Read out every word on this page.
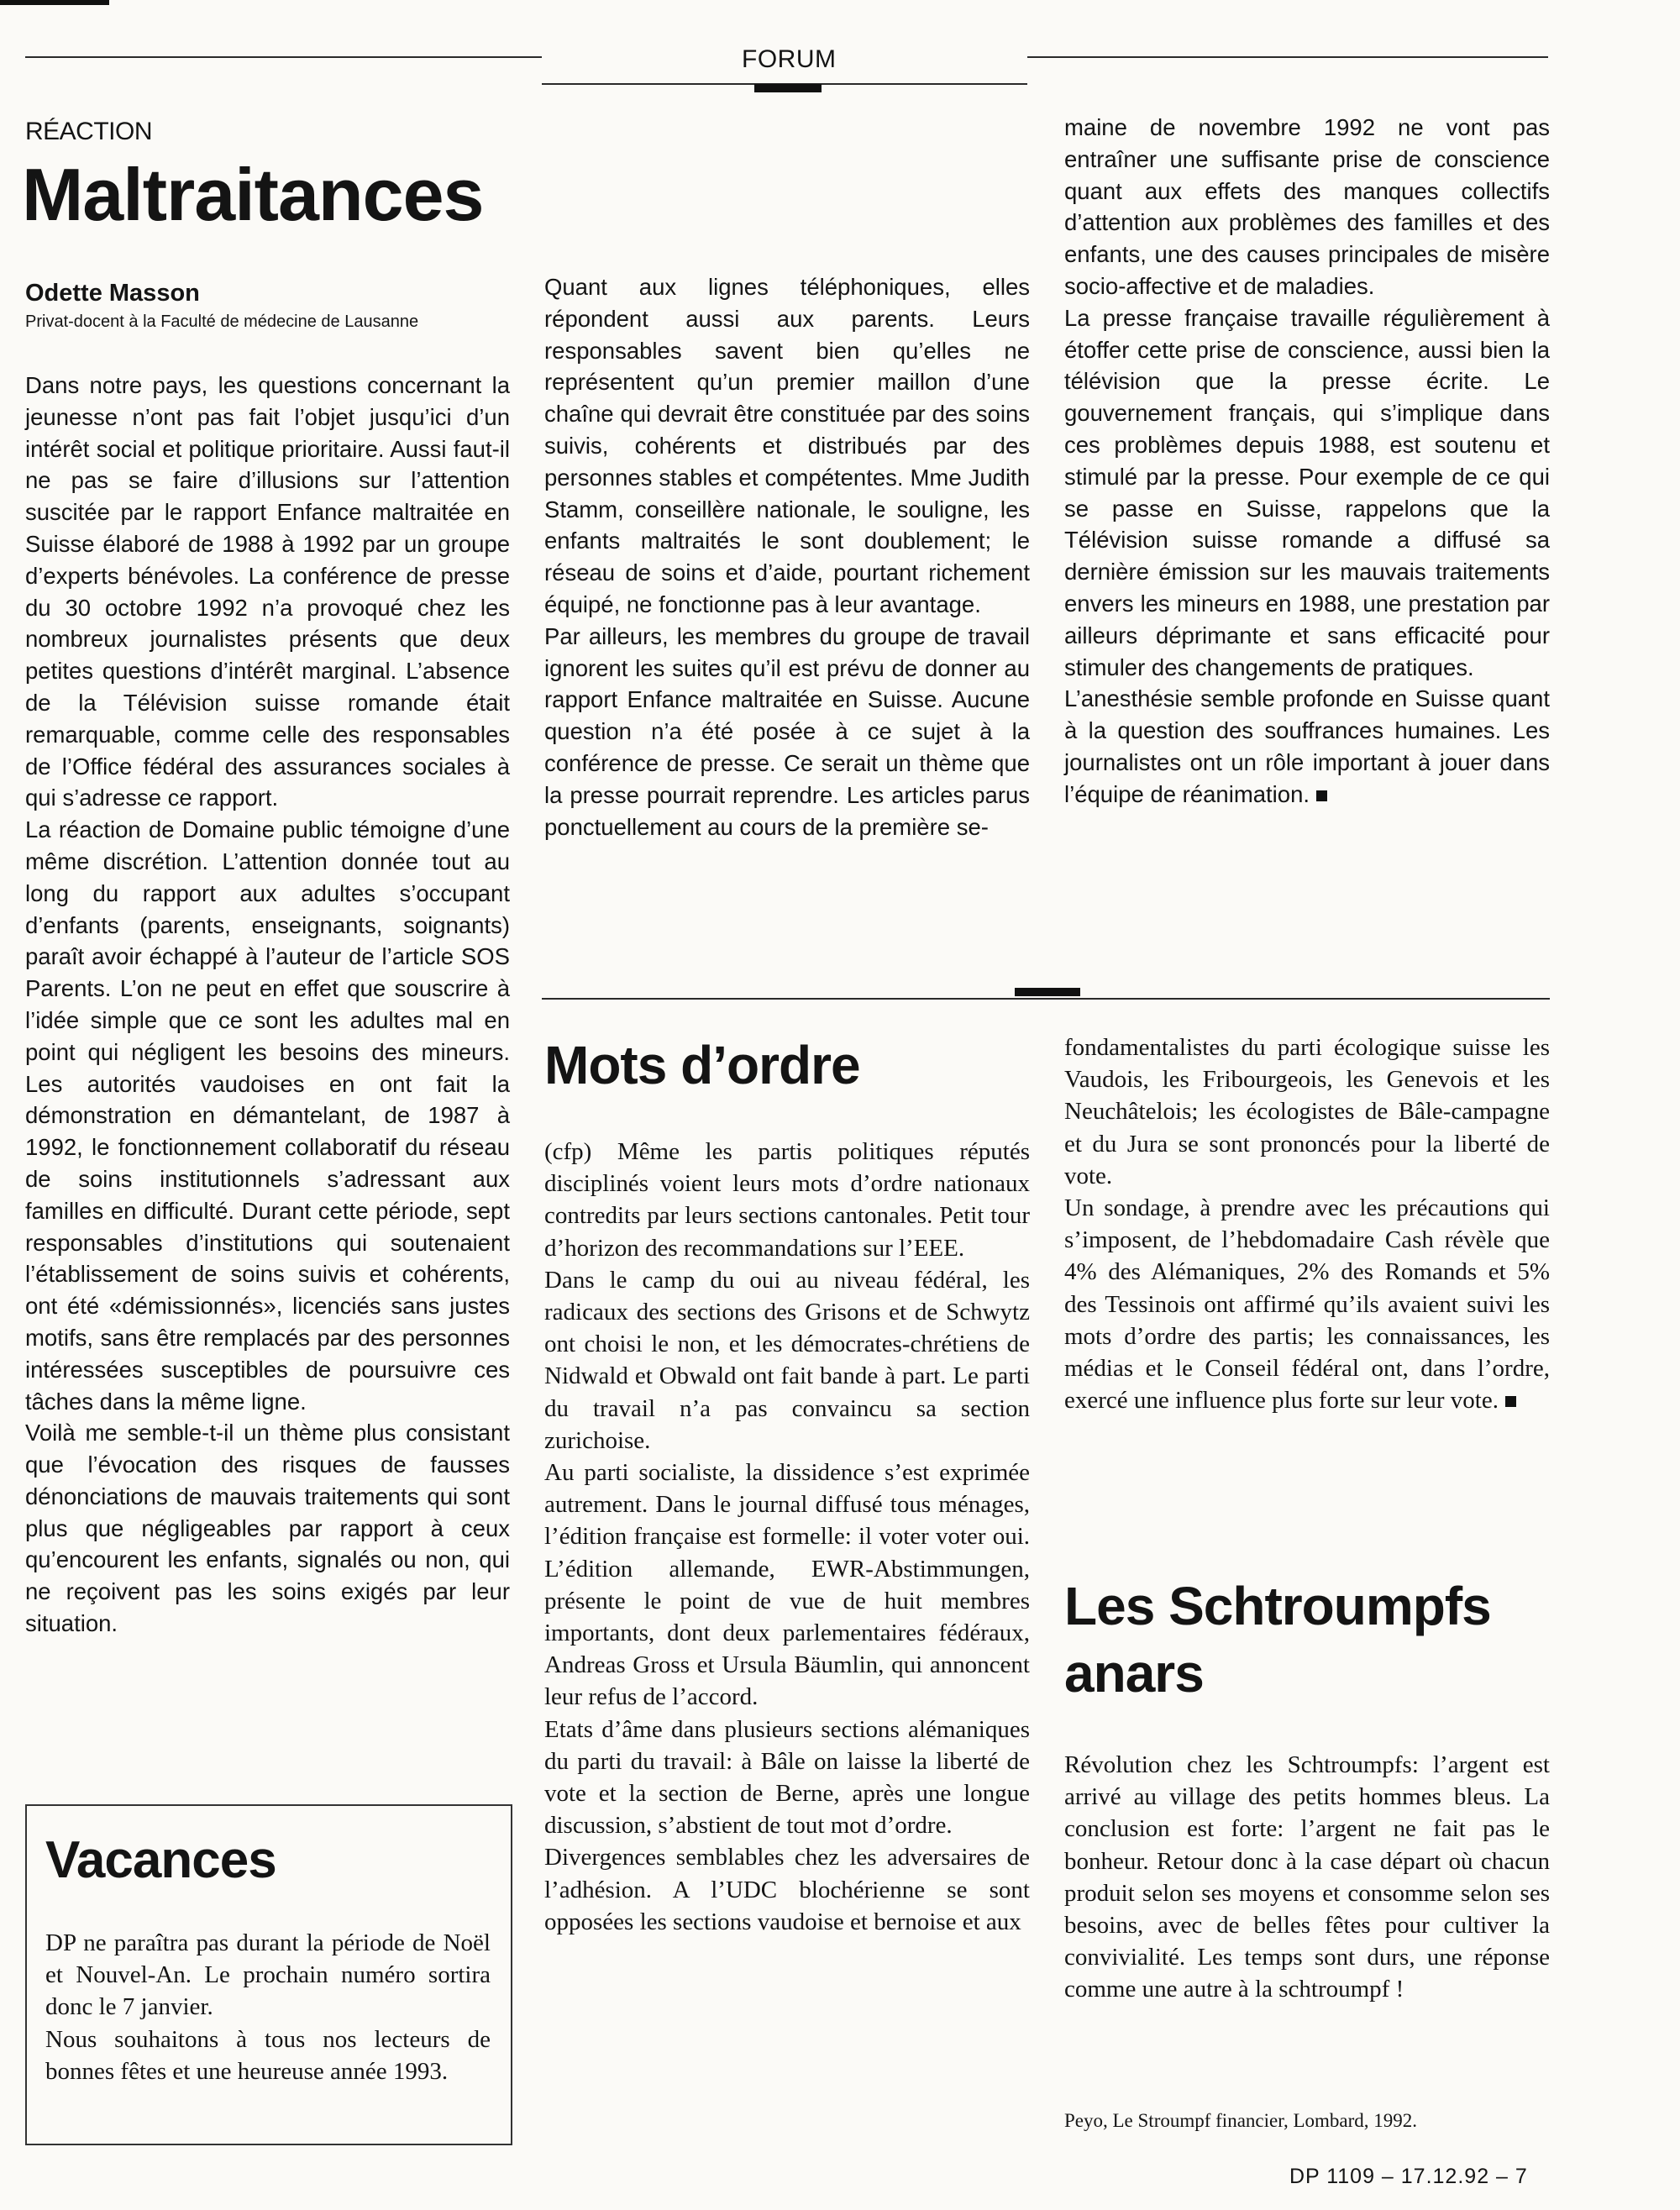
FORUM
RÉACTION
Maltraitances
Odette Masson
Privat-docent à la Faculté de médecine de Lausanne

Dans notre pays, les questions concernant la jeunesse n’ont pas fait l’objet jusqu’ici d’un intérêt social et politique prioritaire. Aussi faut-il ne pas se faire d’illusions sur l’attention suscitée par le rapport Enfance maltraitée en Suisse élaboré de 1988 à 1992 par un groupe d’experts bénévoles. La conférence de presse du 30 octobre 1992 n’a provoqué chez les nombreux journalistes présents que deux petites questions d’intérêt marginal. L’absence de la Télévision suisse romande était remarquable, comme celle des responsables de l’Office fédéral des assurances sociales à qui s’adresse ce rapport.

La réaction de Domaine public témoigne d’une même discrétion. L’attention donnée tout au long du rapport aux adultes s’occupant d’enfants (parents, enseignants, soignants) paraît avoir échappé à l’auteur de l’article SOS Parents. L’on ne peut en effet que souscrire à l’idée simple que ce sont les adultes mal en point qui négligent les besoins des mineurs. Les autorités vaudoises en ont fait la démonstration en démantelant, de 1987 à 1992, le fonctionnement collaboratif du réseau de soins institutionnels s’adressant aux familles en difficulté. Durant cette période, sept responsables d’institutions qui soutenaient l’établissement de soins suivis et cohérents, ont été «démissionnés», licenciés sans justes motifs, sans être remplacés par des personnes intéressées susceptibles de poursuivre ces tâches dans la même ligne.

Voilà me semble-t-il un thème plus consistant que l’évocation des risques de fausses dénonciations de mauvais traitements qui sont plus que négligeables par rapport à ceux qu’encourent les enfants, signalés ou non, qui ne reçoivent pas les soins exigés par leur situation.

Quant aux lignes téléphoniques, elles répondent aussi aux parents. Leurs responsables savent bien qu’elles ne représentent qu’un premier maillon d’une chaîne qui devrait être constituée par des soins suivis, cohérents et distribués par des personnes stables et compétentes. Mme Judith Stamm, conseillère nationale, le souligne, les enfants maltraités le sont doublement; le réseau de soins et d’aide, pourtant richement équipé, ne fonctionne pas à leur avantage.

Par ailleurs, les membres du groupe de travail ignorent les suites qu’il est prévu de donner au rapport Enfance maltraitée en Suisse. Aucune question n’a été posée à ce sujet à la conférence de presse. Ce serait un thème que la presse pourrait reprendre. Les articles parus ponctuellement au cours de la première se-

maine de novembre 1992 ne vont pas entraîner une suffisante prise de conscience quant aux effets des manques collectifs d’attention aux problèmes des familles et des enfants, une des causes principales de misère socio-affective et de maladies.

La presse française travaille régulièrement à étoffer cette prise de conscience, aussi bien la télévision que la presse écrite. Le gouvernement français, qui s’implique dans ces problèmes depuis 1988, est soutenu et stimulé par la presse. Pour exemple de ce qui se passe en Suisse, rappelons que la Télévision suisse romande a diffusé sa dernière émission sur les mauvais traitements envers les mineurs en 1988, une prestation par ailleurs déprimante et sans efficacité pour stimuler des changements de pratiques.

L’anesthésie semble profonde en Suisse quant à la question des souffrances humaines. Les journalistes ont un rôle important à jouer dans l’équipe de réanimation.

Vacances

DP ne paraîtra pas durant la période de Noël et Nouvel-An. Le prochain numéro sortira donc le 7 janvier.

Nous souhaitons à tous nos lecteurs de bonnes fêtes et une heureuse année 1993.

Mots d’ordre

(cfp) Même les partis politiques réputés disciplinés voient leurs mots d’ordre nationaux contredits par leurs sections cantonales. Petit tour d’horizon des recommandations sur l’EEE.

Dans le camp du oui au niveau fédéral, les radicaux des sections des Grisons et de Schwytz ont choisi le non, et les démocrates-chrétiens de Nidwald et Obwald ont fait bande à part. Le parti du travail n’a pas convaincu sa section zurichoise.

Au parti socialiste, la dissidence s’est exprimée autrement. Dans le journal diffusé tous ménages, l’édition française est formelle: il voter voter oui. L’édition allemande, EWR-Abstimmungen, présente le point de vue de huit membres importants, dont deux parlementaires fédéraux, Andreas Gross et Ursula Bäumlin, qui annoncent leur refus de l’accord.

Etats d’âme dans plusieurs sections alémaniques du parti du travail: à Bâle on laisse la liberté de vote et la section de Berne, après une longue discussion, s’abstient de tout mot d’ordre.

Divergences semblables chez les adversaires de l’adhésion. A l’UDC blochérienne se sont opposées les sections vaudoise et bernoise et aux

fondamentalistes du parti écologique suisse les Vaudois, les Fribourgeois, les Genevois et les Neuchâtelois; les écologistes de Bâle-campagne et du Jura se sont prononcés pour la liberté de vote.

Un sondage, à prendre avec les précautions qui s’imposent, de l’hebdomadaire Cash révèle que 4% des Alémaniques, 2% des Romands et 5% des Tessinois ont affirmé qu’ils avaient suivi les mots d’ordre des partis; les connaissances, les médias et le Conseil fédéral ont, dans l’ordre, exercé une influence plus forte sur leur vote.

Les Schtroumpfs
anars

Révolution chez les Schtroumpfs: l’argent est arrivé au village des petits hommes bleus. La conclusion est forte: l’argent ne fait pas le bonheur. Retour donc à la case départ où chacun produit selon ses moyens et consomme selon ses besoins, avec de belles fêtes pour cultiver la convivialité. Les temps sont durs, une réponse comme une autre à la schtroumpf !

Peyo, Le Stroumpf financier, Lombard, 1992.
DP 1109 – 17.12.92 – 7
